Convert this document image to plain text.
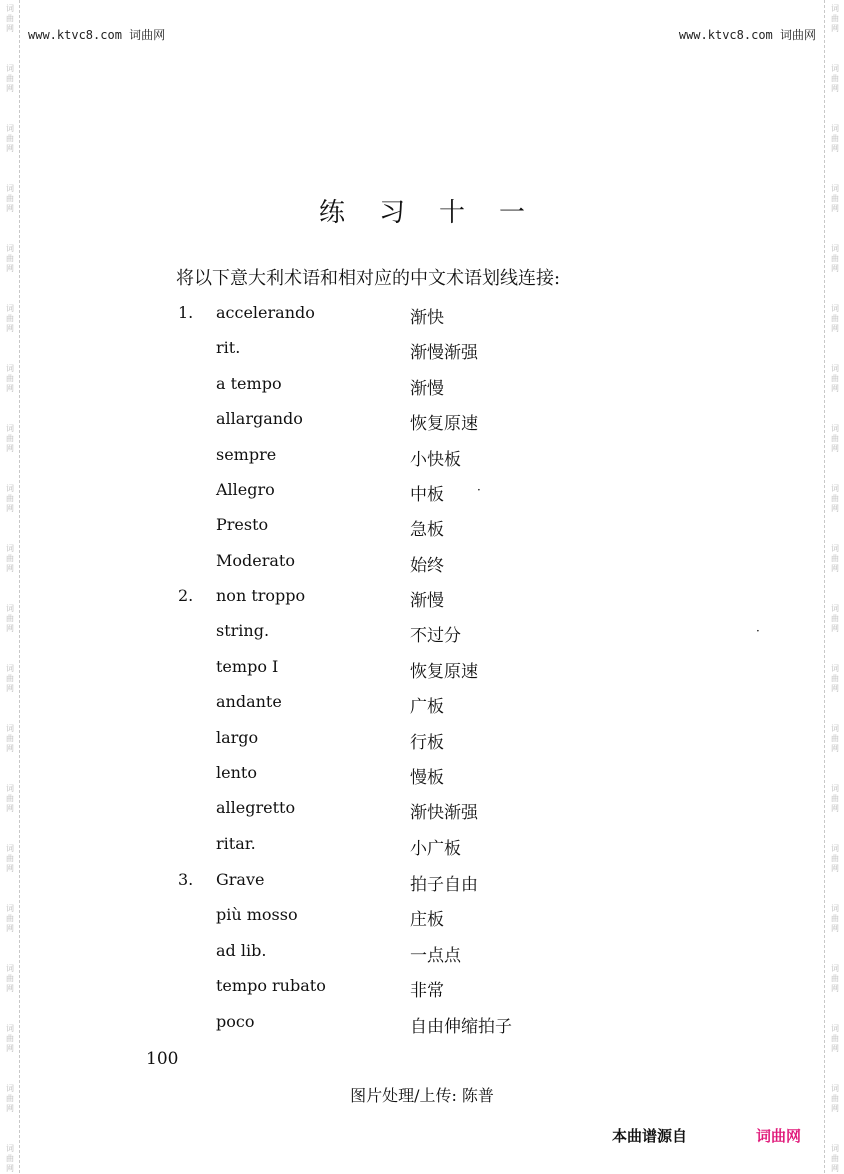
词
曲
网
词
曲
网
词
曲
网
词
曲
网
词
曲
网
词
曲
网
词
曲
网
词
曲
网
词
曲
网
词
曲
网
词
曲
网
词
曲
网
词
曲
网
词
曲
网
词
曲
网
词
曲
网
词
曲
网
词
曲
网
词
曲
网
词
曲
网
词
曲
网
词
曲
网
词
曲
网
词
曲
网
词
曲
网
词
曲
网
词
曲
网
词
曲
网
词
曲
网
词
曲
网
词
曲
网
词
曲
网
词
曲
网
词
曲
网
词
曲
网
词
曲
网
词
曲
网
词
曲
网
词
曲
网
词
曲
网
www.ktvc8.com 词曲网	www.ktvc8.com 词曲网
练习十一
将以下意大利术语和相对应的中文术语划线连接:
1. accelerando	渐快
rit.	渐慢渐强
a tempo	渐慢
allargando	恢复原速
sempre	小快板
Allegro	中板
Presto	急板
Moderato	始终
2. non troppo	渐慢
string.	不过分
tempo I	恢复原速
andante	广板
largo	行板
lento	慢板
allegretto	渐快渐强
ritar.	小广板
3. Grave	拍子自由
più mosso	庄板
ad lib.	一点点
tempo rubato	非常
poco	自由伸缩拍子
·
·
100
图片处理/上传: 陈普
本曲谱源自	词曲网
